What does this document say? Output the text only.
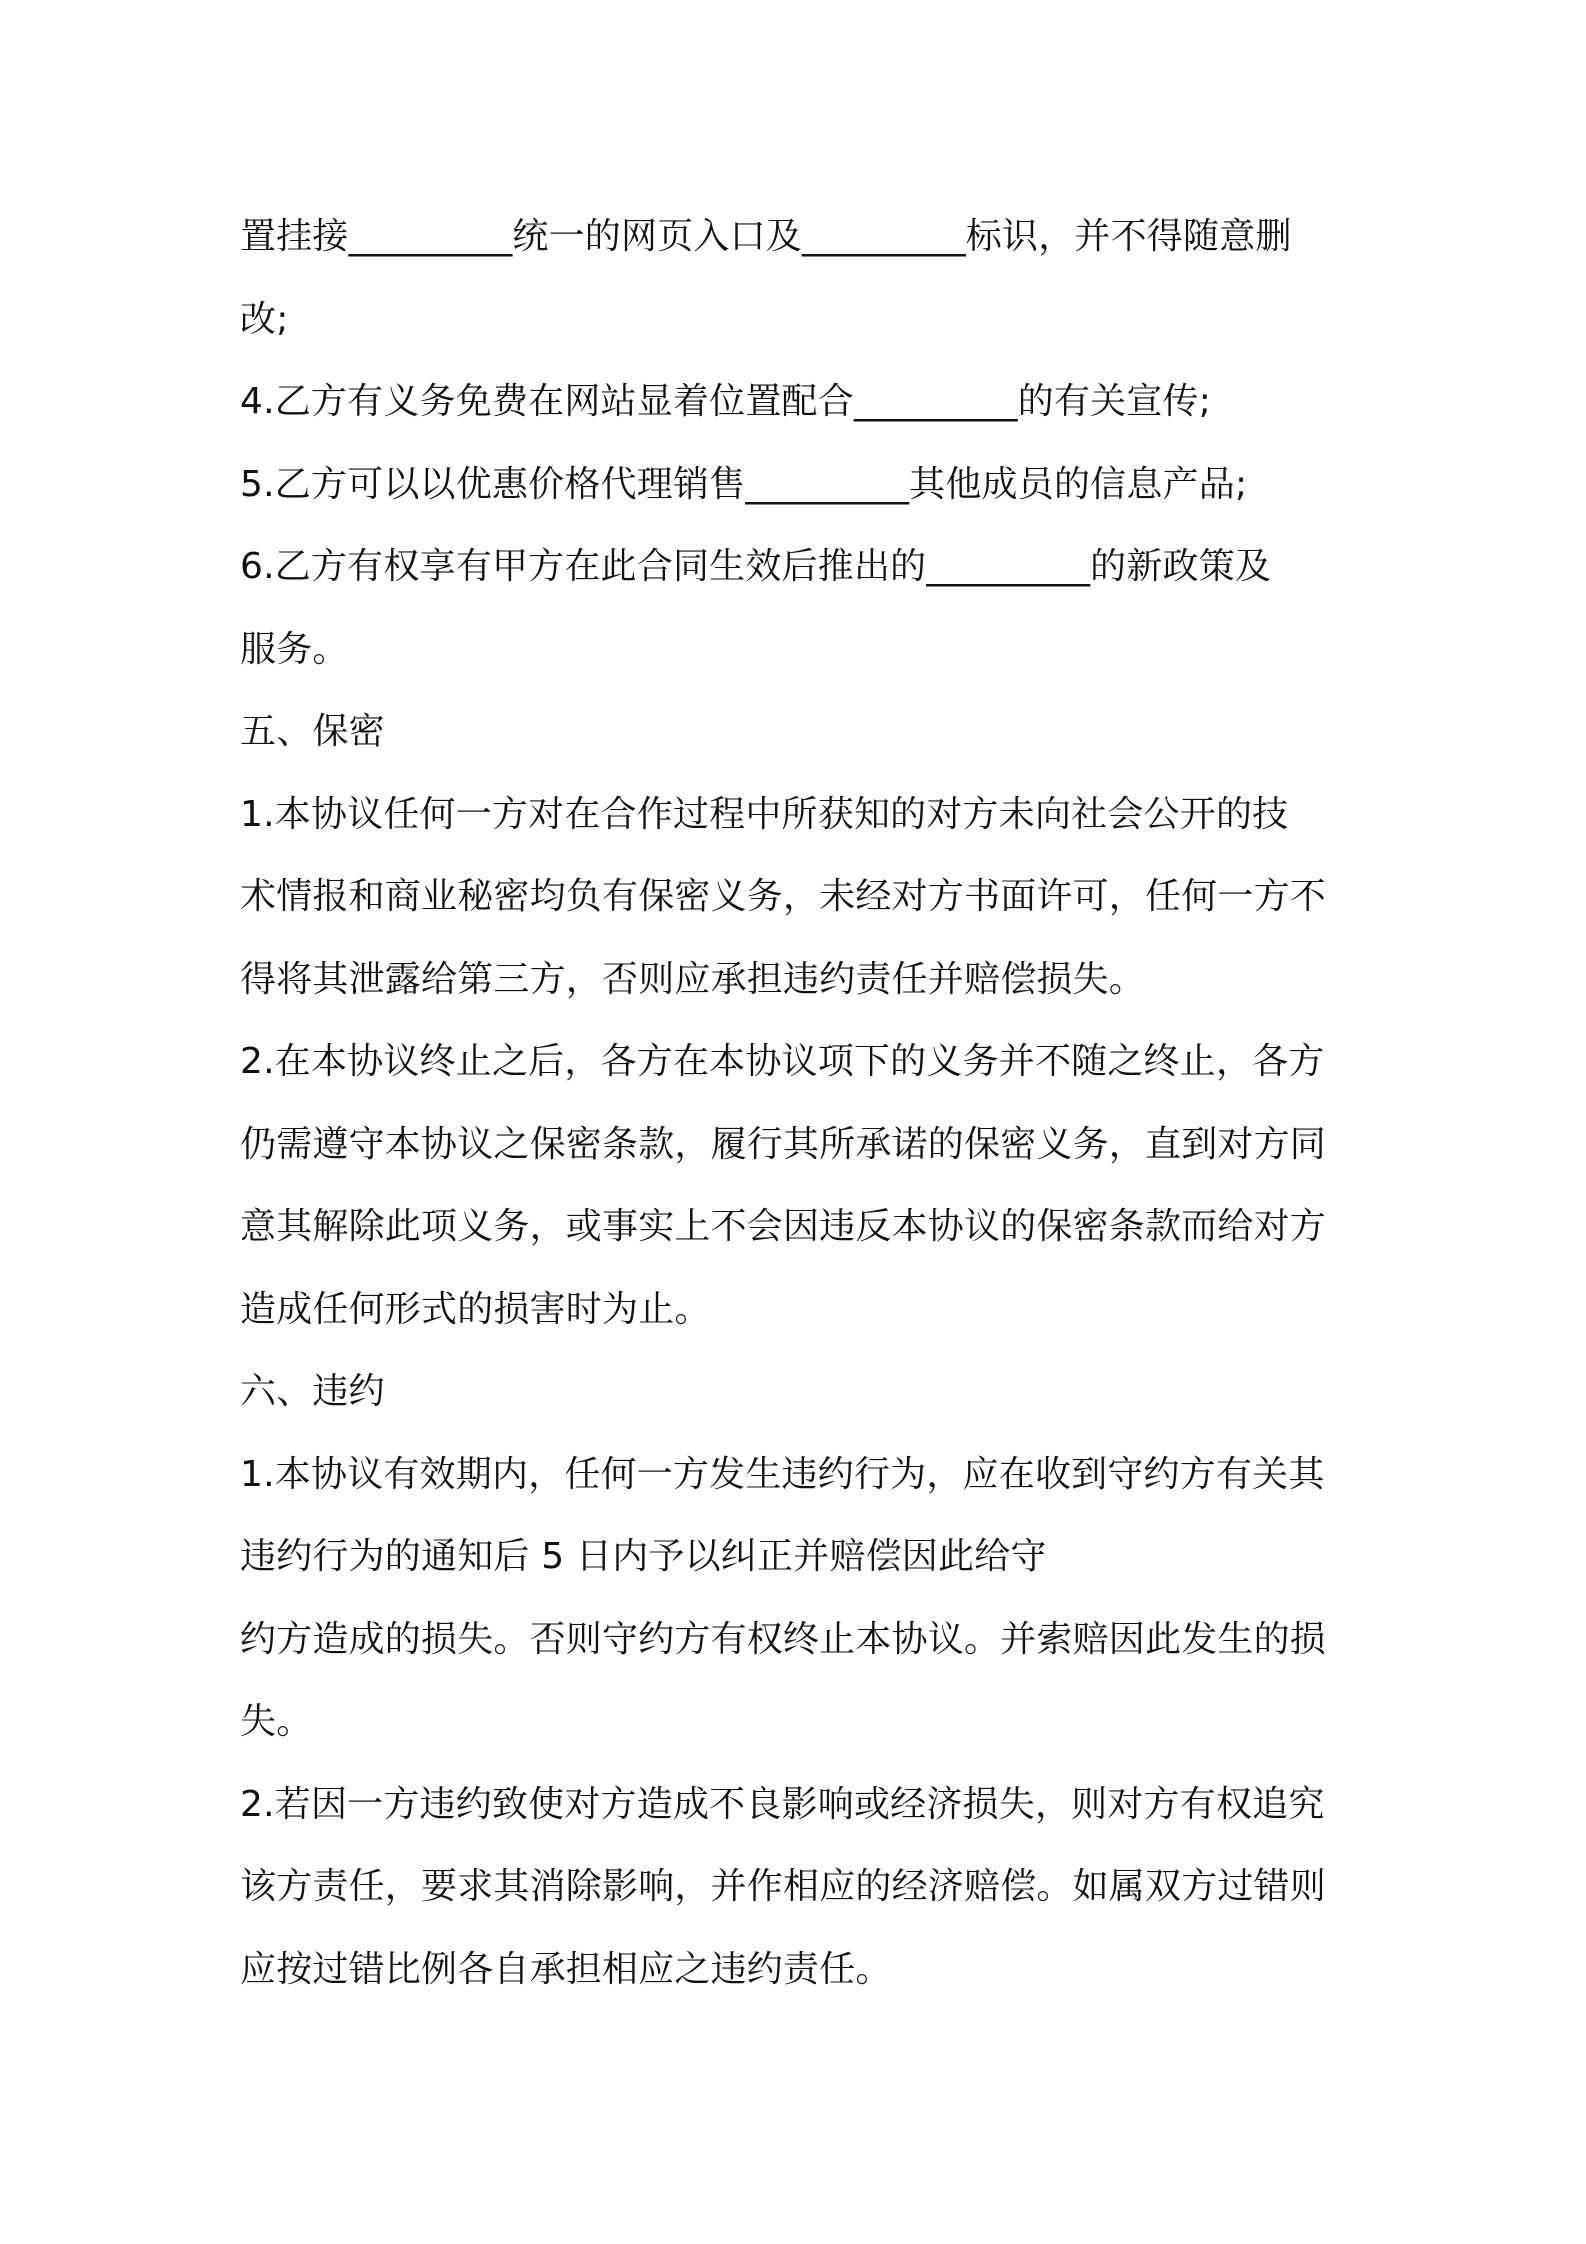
置挂接_________统一的网页入口及_________标识，并不得随意删
改;
4.乙方有义务免费在网站显着位置配合_________的有关宣传;
5.乙方可以以优惠价格代理销售_________其他成员的信息产品;
6.乙方有权享有甲方在此合同生效后推出的_________的新政策及
服务。
五、保密
1.本协议任何一方对在合作过程中所获知的对方未向社会公开的技
术情报和商业秘密均负有保密义务，未经对方书面许可，任何一方不
得将其泄露给第三方，否则应承担违约责任并赔偿损失。
2.在本协议终止之后，各方在本协议项下的义务并不随之终止，各方
仍需遵守本协议之保密条款，履行其所承诺的保密义务，直到对方同
意其解除此项义务，或事实上不会因违反本协议的保密条款而给对方
造成任何形式的损害时为止。
六、违约
1.本协议有效期内，任何一方发生违约行为，应在收到守约方有关其
违约行为的通知后 5 日内予以纠正并赔偿因此给守
约方造成的损失。否则守约方有权终止本协议。并索赔因此发生的损
失。
2.若因一方违约致使对方造成不良影响或经济损失，则对方有权追究
该方责任，要求其消除影响，并作相应的经济赔偿。如属双方过错则
应按过错比例各自承担相应之违约责任。
